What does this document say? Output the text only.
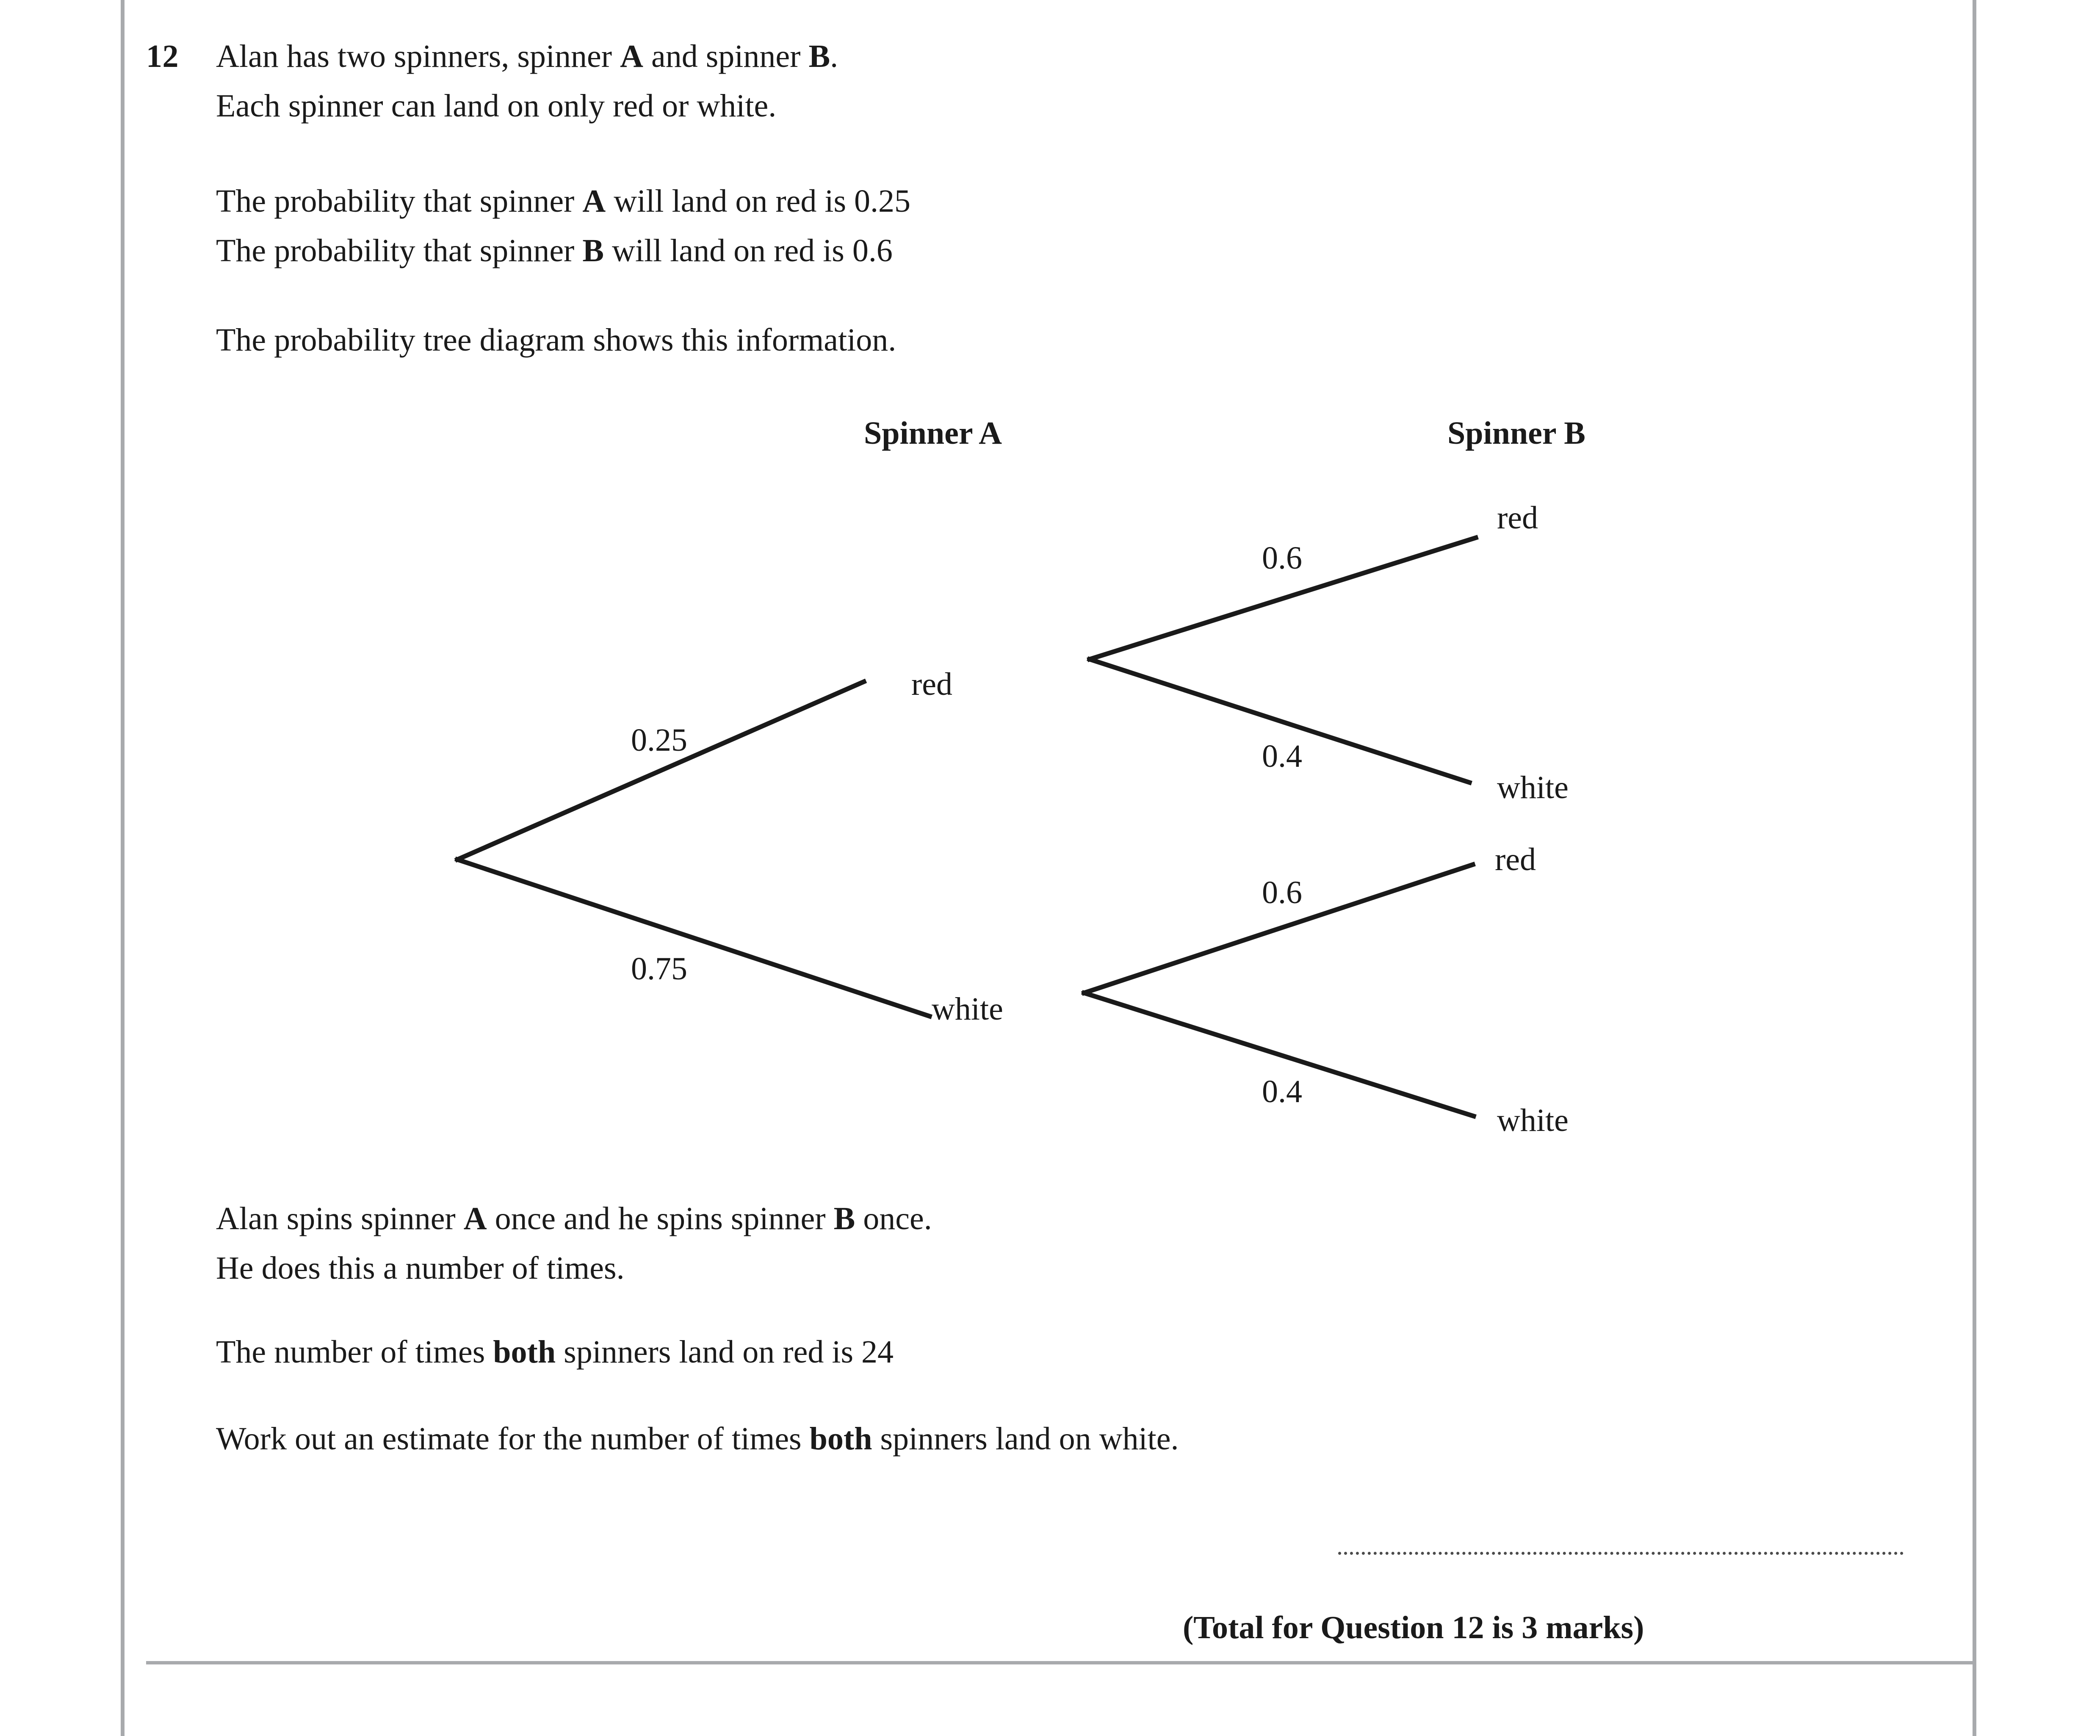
12 Alan has two spinners, spinner A and spinner B.
Each spinner can land on only red or white.
The probability that spinner A will land on red is 0.25
The probability that spinner B will land on red is 0.6
The probability tree diagram shows this information.
Spinner A	Spinner B
red
white
0.25
0.75
red
white
0.6
0.4
red
white
0.6
0.4
Alan spins spinner A once and he spins spinner B once.
He does this a number of times.
The number of times both spinners land on red is 24
Work out an estimate for the number of times both spinners land on white.
(Total for Question 12 is 3 marks)
